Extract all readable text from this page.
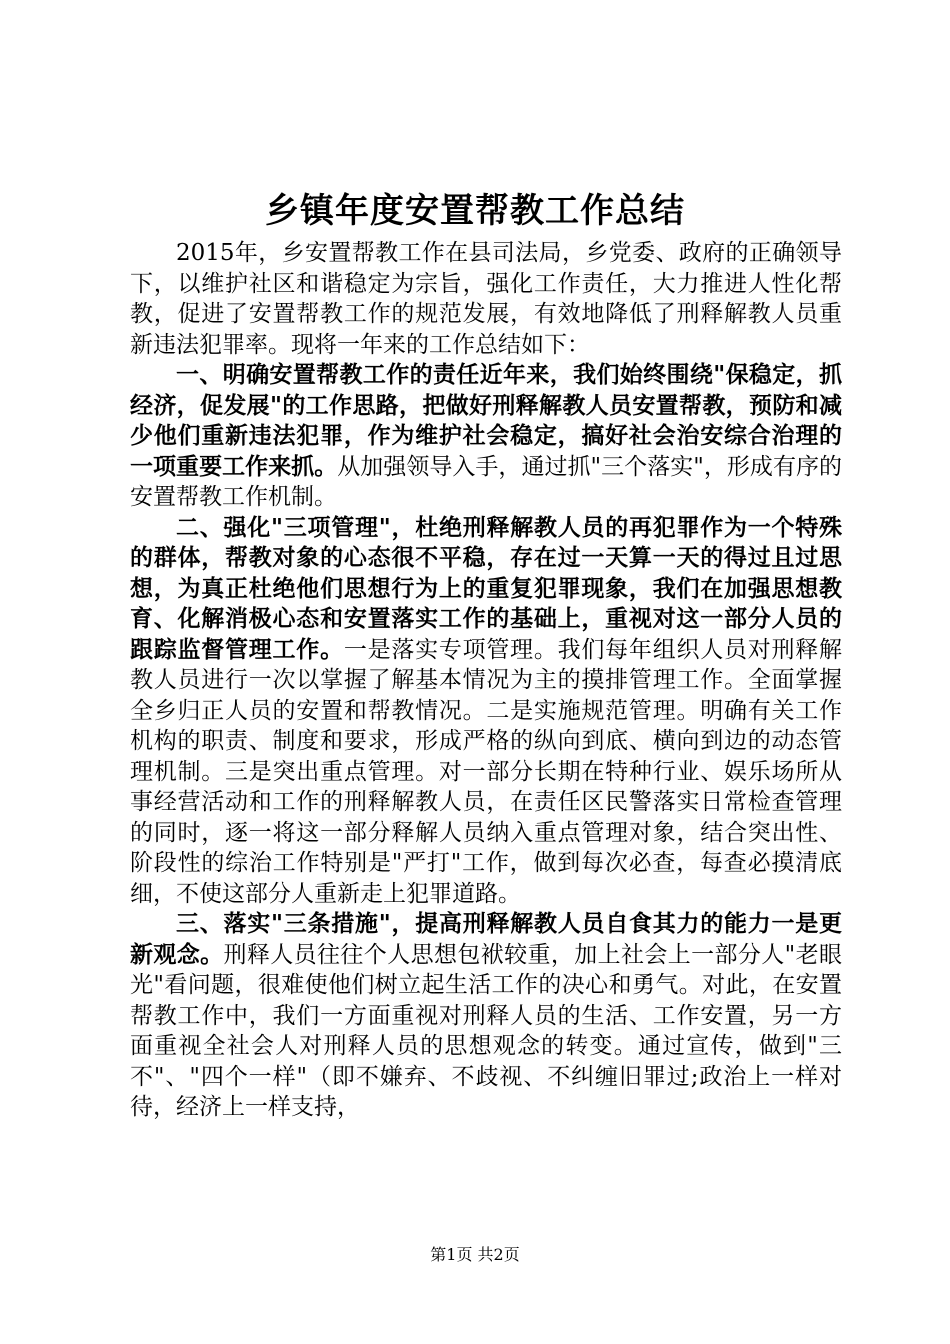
乡镇年度安置帮教工作总结

2015年，乡安置帮教工作在县司法局，乡党委、政府的正确领导下，以维护社区和谐稳定为宗旨，强化工作责任，大力推进人性化帮教，促进了安置帮教工作的规范发展，有效地降低了刑释解教人员重新违法犯罪率。现将一年来的工作总结如下：

一、明确安置帮教工作的责任近年来，我们始终围绕"保稳定，抓经济，促发展"的工作思路，把做好刑释解教人员安置帮教，预防和减少他们重新违法犯罪，作为维护社会稳定，搞好社会治安综合治理的一项重要工作来抓。从加强领导入手，通过抓"三个落实"，形成有序的安置帮教工作机制。

二、强化"三项管理"，杜绝刑释解教人员的再犯罪作为一个特殊的群体，帮教对象的心态很不平稳，存在过一天算一天的得过且过思想，为真正杜绝他们思想行为上的重复犯罪现象，我们在加强思想教育、化解消极心态和安置落实工作的基础上，重视对这一部分人员的跟踪监督管理工作。一是落实专项管理。我们每年组织人员对刑释解教人员进行一次以掌握了解基本情况为主的摸排管理工作。全面掌握全乡归正人员的安置和帮教情况。二是实施规范管理。明确有关工作机构的职责、制度和要求，形成严格的纵向到底、横向到边的动态管理机制。三是突出重点管理。对一部分长期在特种行业、娱乐场所从事经营活动和工作的刑释解教人员，在责任区民警落实日常检查管理的同时，逐一将这一部分释解人员纳入重点管理对象，结合突出性、阶段性的综治工作特别是"严打"工作，做到每次必查，每查必摸清底细，不使这部分人重新走上犯罪道路。

三、落实"三条措施"，提高刑释解教人员自食其力的能力一是更新观念。刑释人员往往个人思想包袱较重，加上社会上一部分人"老眼光"看问题，很难使他们树立起生活工作的决心和勇气。对此，在安置帮教工作中，我们一方面重视对刑释人员的生活、工作安置，另一方面重视全社会人对刑释人员的思想观念的转变。通过宣传，做到"三不"、"四个一样"（即不嫌弃、不歧视、不纠缠旧罪过;政治上一样对待，经济上一样支持，

第1页 共2页
